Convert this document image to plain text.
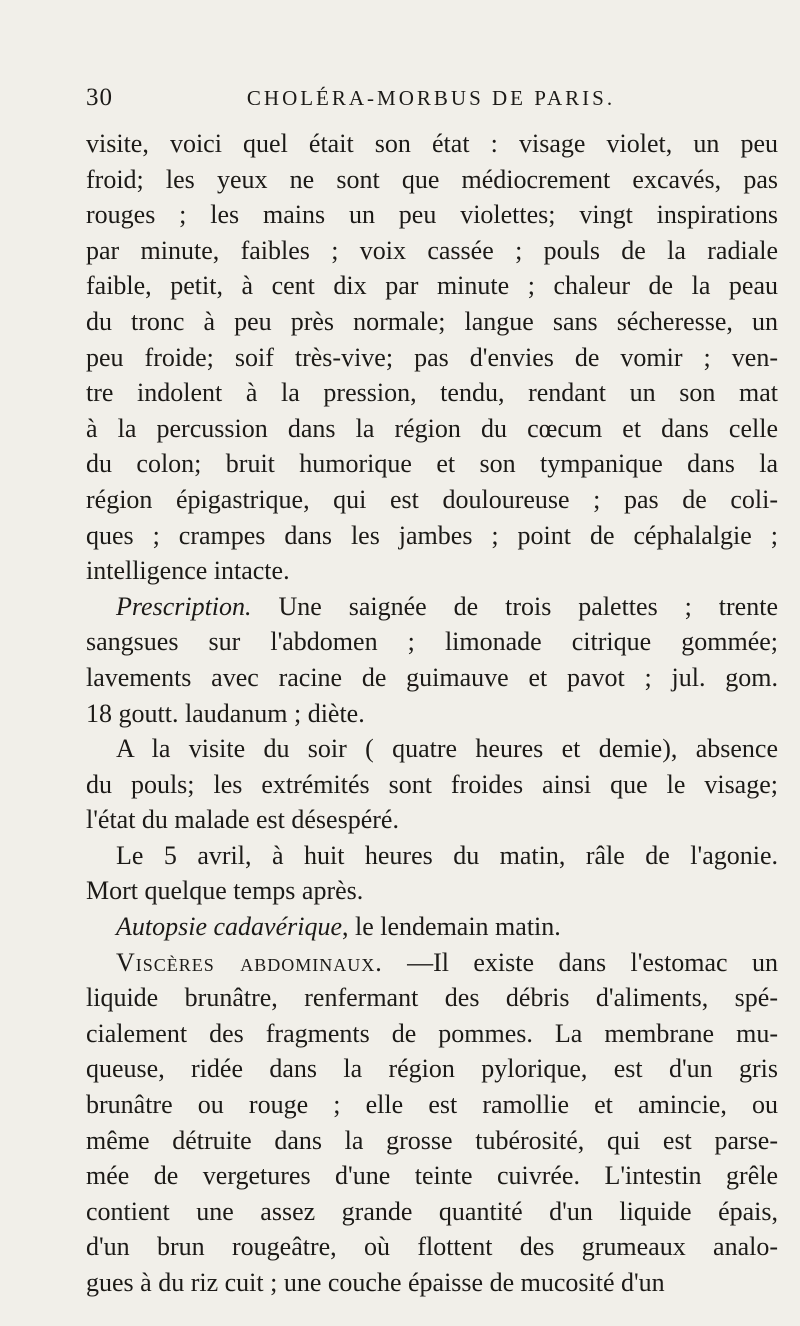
30	CHOLÉRA-MORBUS DE PARIS.
visite, voici quel était son état : visage violet, un peu
froid; les yeux ne sont que médiocrement excavés, pas
rouges ; les mains un peu violettes; vingt inspirations
par minute, faibles ; voix cassée ; pouls de la radiale
faible, petit, à cent dix par minute ; chaleur de la peau
du tronc à peu près normale; langue sans sécheresse, un
peu froide; soif très-vive; pas d'envies de vomir ; ven-
tre indolent à la pression, tendu, rendant un son mat
à la percussion dans la région du cœcum et dans celle
du colon; bruit humorique et son tympanique dans la
région épigastrique, qui est douloureuse ; pas de coli-
ques ; crampes dans les jambes ; point de céphalalgie ;
intelligence intacte.
Prescription. Une saignée de trois palettes ; trente
sangsues sur l'abdomen ; limonade citrique gommée;
lavements avec racine de guimauve et pavot ; jul. gom.
18 goutt. laudanum ; diète.
A la visite du soir ( quatre heures et demie), absence
du pouls; les extrémités sont froides ainsi que le visage;
l'état du malade est désespéré.
Le 5 avril, à huit heures du matin, râle de l'agonie.
Mort quelque temps après.
Autopsie cadavérique, le lendemain matin.
Viscères abdominaux. —Il existe dans l'estomac un
liquide brunâtre, renfermant des débris d'aliments, spé-
cialement des fragments de pommes. La membrane mu-
queuse, ridée dans la région pylorique, est d'un gris
brunâtre ou rouge ; elle est ramollie et amincie, ou
même détruite dans la grosse tubérosité, qui est parse-
mée de vergetures d'une teinte cuivrée. L'intestin grêle
contient une assez grande quantité d'un liquide épais,
d'un brun rougeâtre, où flottent des grumeaux analo-
gues à du riz cuit ; une couche épaisse de mucosité d'un
